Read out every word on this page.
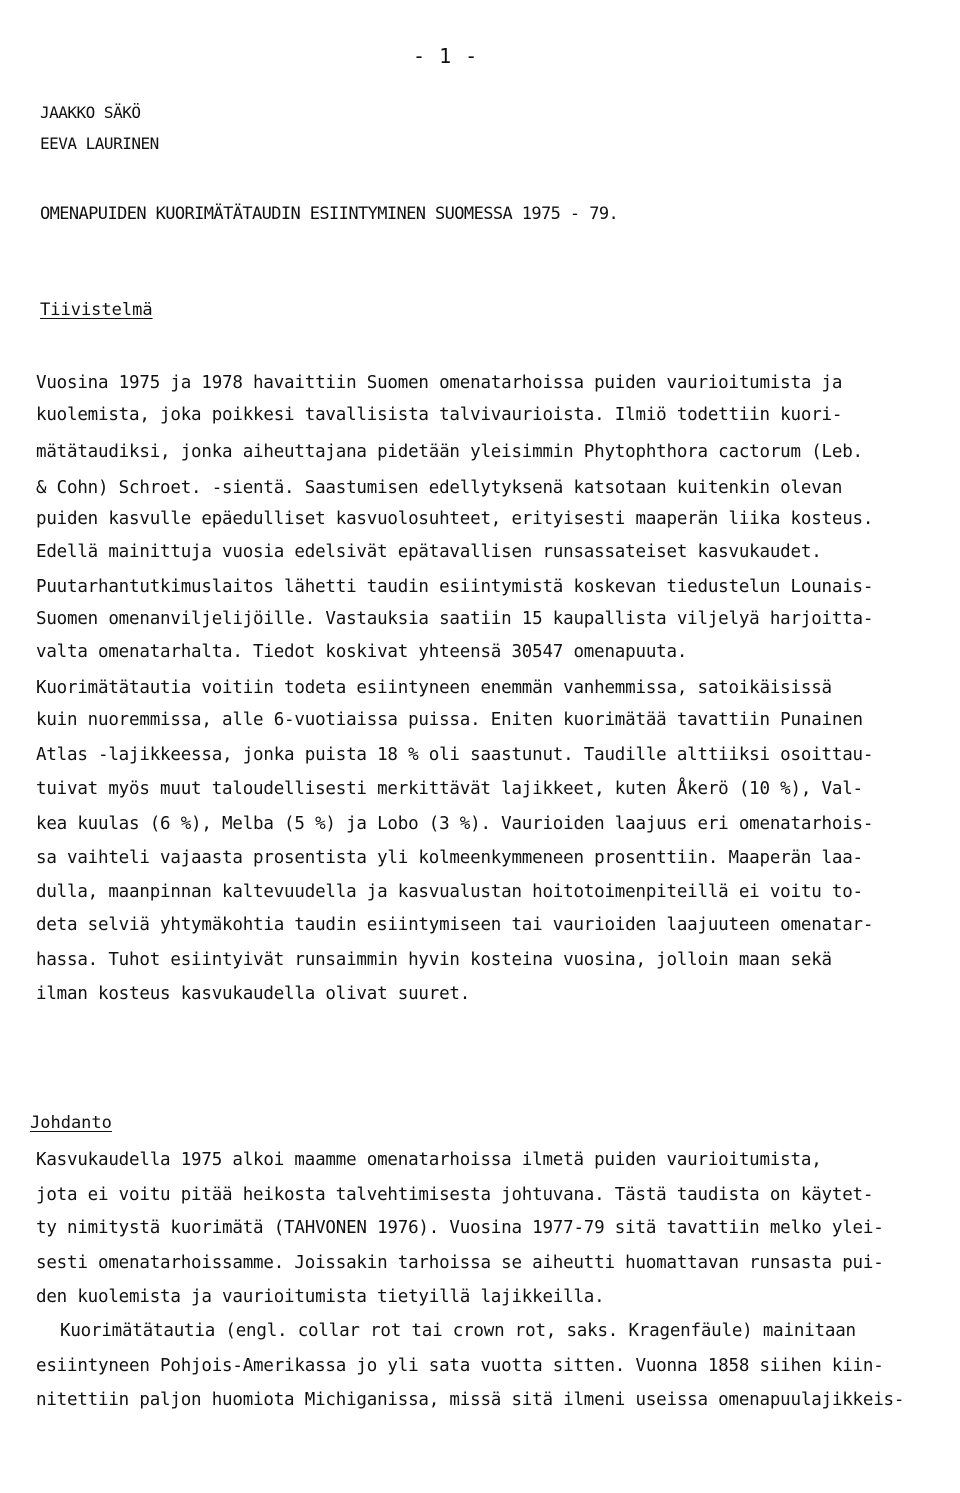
- 1 -
JAAKKO SÄKÖ
EEVA LAURINEN
OMENAPUIDEN KUORIMÄTÄTAUDIN ESIINTYMINEN SUOMESSA 1975 - 79.
Tiivistelmä
Vuosina 1975 ja 1978 havaittiin Suomen omenatarhoissa puiden vaurioitumista ja
kuolemista, joka poikkesi tavallisista talvivaurioista. Ilmiö todettiin kuori-
mätätaudiksi, jonka aiheuttajana pidetään yleisimmin Phytophthora cactorum (Leb.
& Cohn) Schroet. -sientä. Saastumisen edellytyksenä katsotaan kuitenkin olevan
puiden kasvulle epäedulliset kasvuolosuhteet, erityisesti maaperän liika kosteus.
Edellä mainittuja vuosia edelsivät epätavallisen runsassateiset kasvukaudet.
Puutarhantutkimuslaitos lähetti taudin esiintymistä koskevan tiedustelun Lounais-
Suomen omenanviljelijöille. Vastauksia saatiin 15 kaupallista viljelyä harjoitta-
valta omenatarhalta. Tiedot koskivat yhteensä 30547 omenapuuta.
Kuorimätätautia voitiin todeta esiintyneen enemmän vanhemmissa, satoikäisissä
kuin nuoremmissa, alle 6-vuotiaissa puissa. Eniten kuorimätää tavattiin Punainen
Atlas -lajikkeessa, jonka puista 18 % oli saastunut. Taudille alttiiksi osoittau-
tuivat myös muut taloudellisesti merkittävät lajikkeet, kuten Åkerö (10 %), Val-
kea kuulas (6 %), Melba (5 %) ja Lobo (3 %). Vaurioiden laajuus eri omenatarhois-
sa vaihteli vajaasta prosentista yli kolmeenkymmeneen prosenttiin. Maaperän laa-
dulla, maanpinnan kaltevuudella ja kasvualustan hoitotoimenpiteillä ei voitu to-
deta selviä yhtymäkohtia taudin esiintymiseen tai vaurioiden laajuuteen omenatar-
hassa. Tuhot esiintyivät runsaimmin hyvin kosteina vuosina, jolloin maan sekä
ilman kosteus kasvukaudella olivat suuret.
Johdanto
Kasvukaudella 1975 alkoi maamme omenatarhoissa ilmetä puiden vaurioitumista,
jota ei voitu pitää heikosta talvehtimisesta johtuvana. Tästä taudista on käytet-
ty nimitystä kuorimätä (TAHVONEN 1976). Vuosina 1977-79 sitä tavattiin melko ylei-
sesti omenatarhoissamme. Joissakin tarhoissa se aiheutti huomattavan runsasta pui-
den kuolemista ja vaurioitumista tietyillä lajikkeilla.
Kuorimätätautia (engl. collar rot tai crown rot, saks. Kragenfäule) mainitaan
esiintyneen Pohjois-Amerikassa jo yli sata vuotta sitten. Vuonna 1858 siihen kiin-
nitettiin paljon huomiota Michiganissa, missä sitä ilmeni useissa omenapuulajikkeis-
